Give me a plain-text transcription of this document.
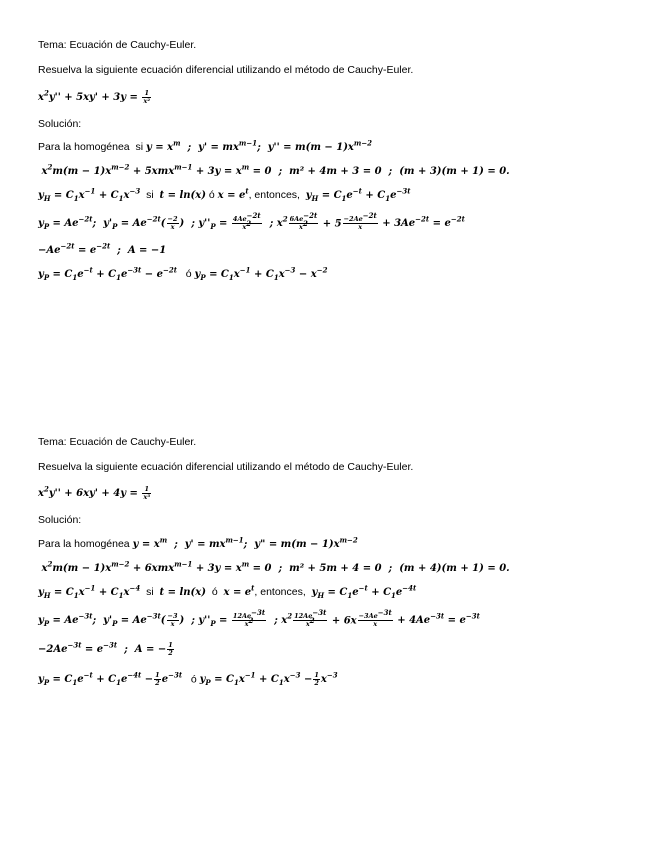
Tema: Ecuación de Cauchy-Euler.
Resuelva la siguiente ecuación diferencial utilizando el método de Cauchy-Euler.
$x^2y'' + 5xy' + 3y = \frac{1}{\text{x²}}$
Solución:
Para la homogénea  si $y = x^m$  ;  $y' = mx^{m-1}$;  $y'' = m(m - 1)x^{m-2}$
$x^2m(m - 1)x^{m-2} + 5xmx^{m-1} + 3y = x^m = 0$  ;  m² + 4m + 3 = 0  ;  (m + 3)(m + 1) = 0.
$y_H = C_1x^{-1} + C_1x^{-3}$  si  t = ln(x) ó $x = e^t$, entonces, $y_H = C_1e^{-t} + C_1e^{-3t}$
$y_P = Ae^{-2t}$;  $y'_P = Ae^{-2t}( \frac{-2}{x}$ )  ; $y''_P = \frac{4Ae^{-2t}}{x^2}$ ; $x^2 \frac{6Ae^{-2t}}{x^2} + 5 \frac{-2Ae^{-2t}}{x} + 3Ae^{-2t} = e^{-2t}$
$-Ae^{-2t} = e^{-2t}$  ;  A = −1
$y_P = C_1e^{-t} + C_1e^{-3t} - e^{-2t}$   ó $y_P = C_1x^{-1} + C_1x^{-3} - x^{-2}$
Tema: Ecuación de Cauchy-Euler.
Resuelva la siguiente ecuación diferencial utilizando el método de Cauchy-Euler.
$x^2y'' + 6xy' + 4y = \frac{1}{\text{x³}}$
Solución:
Para la homogénea $y = x^m$  ;  $y' = mx^{m-1}$;  y" = $m(m - 1)x^{m-2}$
$x^2m(m - 1)x^{m-2} + 6xmx^{m-1} + 3y = x^m = 0$  ;  m² + 5m + 4 = 0  ;  (m + 4)(m + 1) = 0.
$y_H = C_1x^{-1} + C_1x^{-4}$  si  t = ln(x)  ó  $x = e^t$, entonces, $y_H = C_1e^{-t} + C_1e^{-4t}$
$y_P = Ae^{-3t}$;  $y'_P = Ae^{-3t}( \frac{-3}{x}$ )  ; $y''_P = \frac{12Ae^{-3t}}{x^2}$ ; $x^2 \frac{12Ae^{-3t}}{x^2} + 6x \frac{-3Ae^{-3t}}{x} + 4Ae^{-3t} = e^{-3t}$
$-2Ae^{-3t} = e^{-3t}$  ;  A = − $\frac{1}{2}$
$y_P = C_1e^{-t} + C_1e^{-4t} - \frac{1}{2} e^{-3t}$   ó $y_P = C_1x^{-1} + C_1x^{-3} - \frac{1}{2} x^{-3}$
